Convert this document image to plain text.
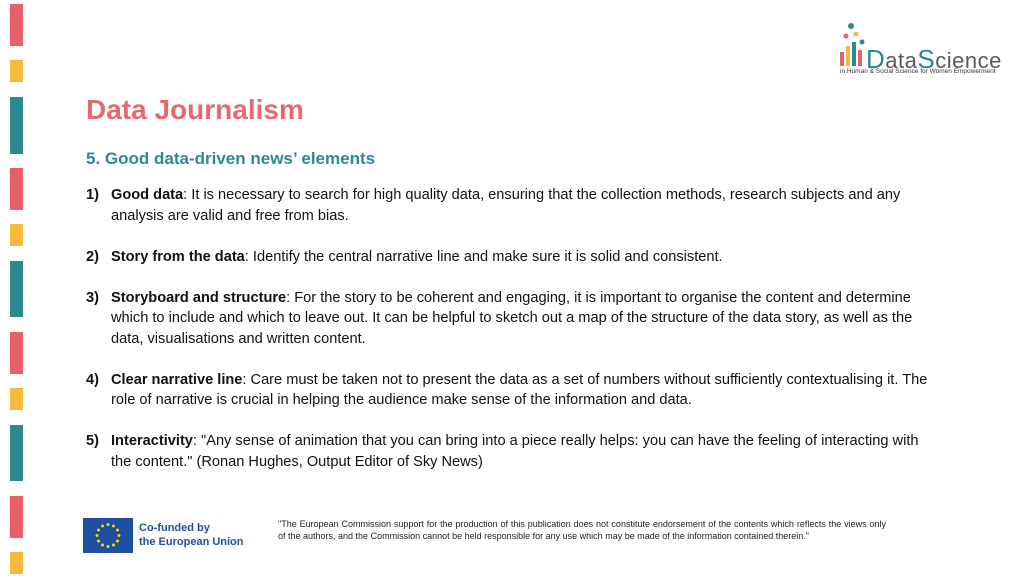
DataScience
in Human & Social Science for Women Empowerment
Data Journalism
5. Good data-driven news’ elements
1) Good data: It is necessary to search for high quality data, ensuring that the collection methods, research subjects and any analysis are valid and free from bias.
2) Story from the data: Identify the central narrative line and make sure it is solid and consistent.
3) Storyboard and structure: For the story to be coherent and engaging, it is important to organise the content and determine which to include and which to leave out. It can be helpful to sketch out a map of the structure of the data story, as well as the data, visualisations and written content.
4) Clear narrative line: Care must be taken not to present the data as a set of numbers without sufficiently contextualising it. The role of narrative is crucial in helping the audience make sense of the information and data.
5) Interactivity: "Any sense of animation that you can bring into a piece really helps: you can have the feeling of interacting with the content." (Ronan Hughes, Output Editor of Sky News)
Co-funded by
the European Union
"The European Commission support for the production of this publication does not constitute endorsement of the contents which reflects the views only of the authors, and the Commission cannot be held responsible for any use which may be made of the information contained therein."
